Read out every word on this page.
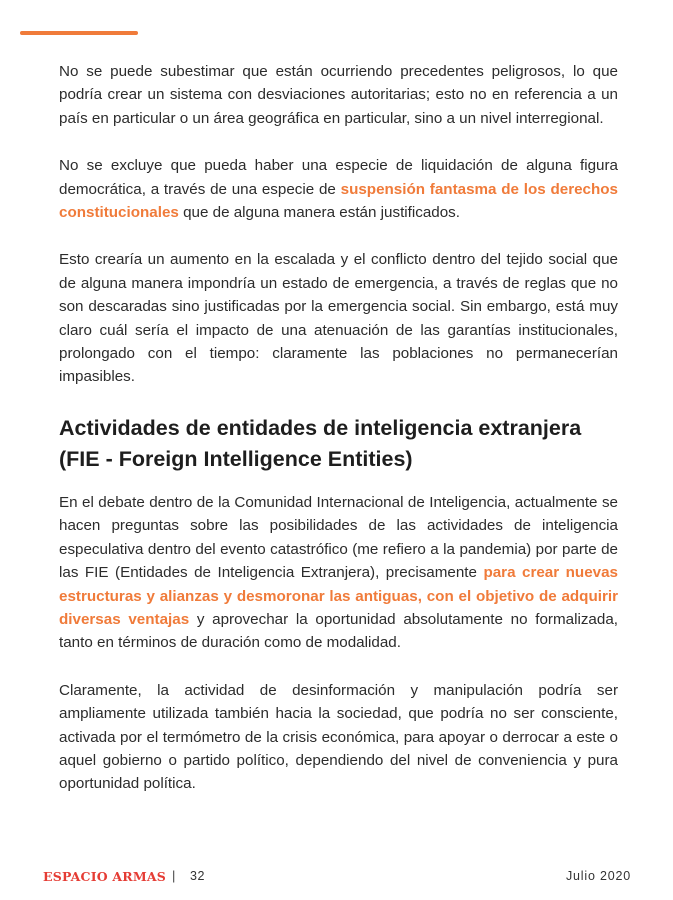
No se puede subestimar que están ocurriendo precedentes peligrosos, lo que podría crear un sistema con desviaciones autoritarias; esto no en referencia a un país en particular o un área geográfica en particular, sino a un nivel interregional.

No se excluye que pueda haber una especie de liquidación de alguna figura democrática, a través de una especie de suspensión fantasma de los derechos constitucionales que de alguna manera están justificados.

Esto crearía un aumento en la escalada y el conflicto dentro del tejido social que de alguna manera impondría un estado de emergencia, a través de reglas que no son descaradas sino justificadas por la emergencia social. Sin embargo, está muy claro cuál sería el impacto de una atenuación de las garantías institucionales, prolongado con el tiempo: claramente las poblaciones no permanecerían impasibles.

Actividades de entidades de inteligencia extranjera (FIE - Foreign Intelligence Entities)

En el debate dentro de la Comunidad Internacional de Inteligencia, actualmente se hacen preguntas sobre las posibilidades de las actividades de inteligencia especulativa dentro del evento catastrófico (me refiero a la pandemia) por parte de las FIE (Entidades de Inteligencia Extranjera), precisamente para crear nuevas estructuras y alianzas y desmoronar las antiguas, con el objetivo de adquirir diversas ventajas y aprovechar la oportunidad absolutamente no formalizada, tanto en términos de duración como de modalidad.

Claramente, la actividad de desinformación y manipulación podría ser ampliamente utilizada también hacia la sociedad, que podría no ser consciente, activada por el termómetro de la crisis económica, para apoyar o derrocar a este o aquel gobierno o partido político, dependiendo del nivel de conveniencia y pura oportunidad política.

ESPACIO ARMAS | 32	Julio 2020
